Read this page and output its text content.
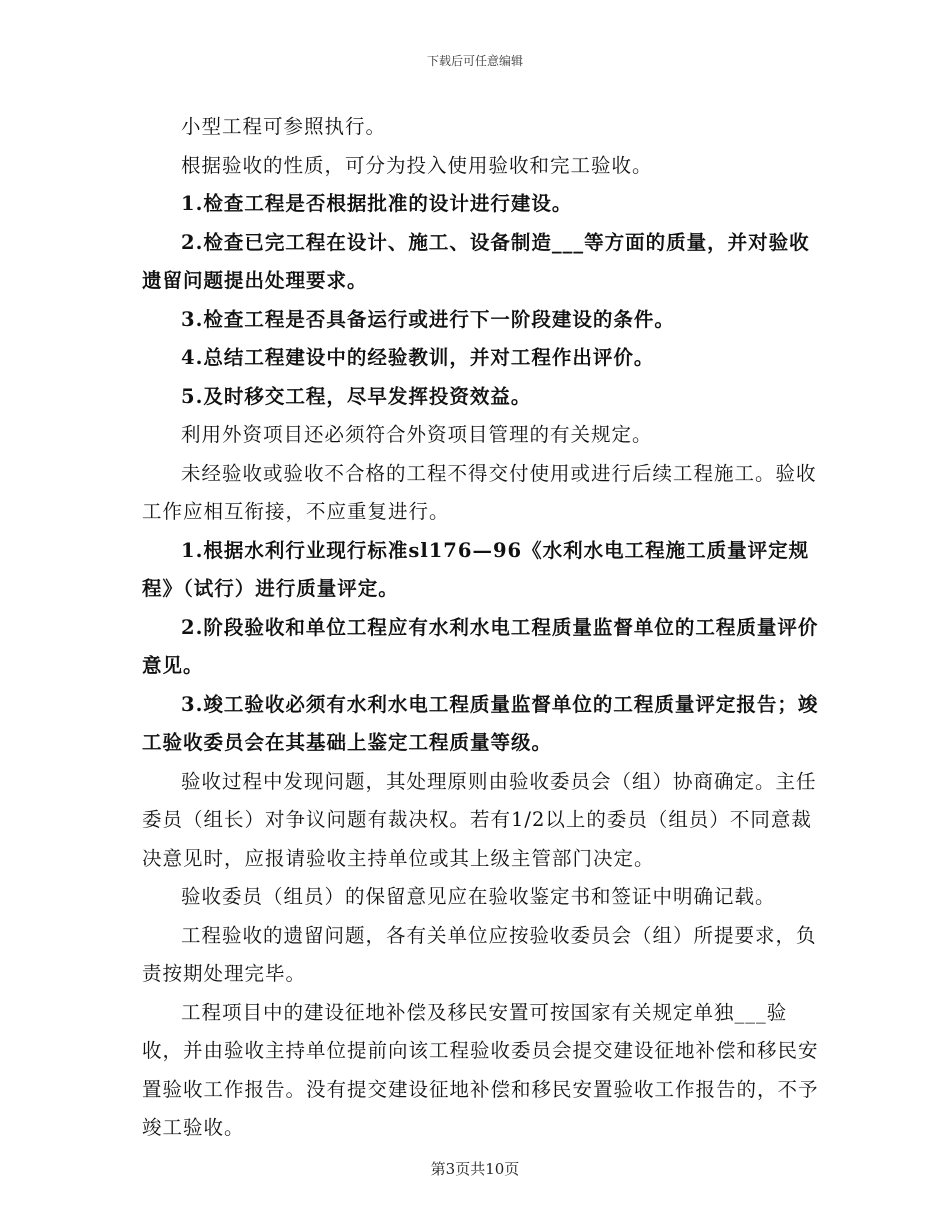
下载后可任意编辑

小型工程可参照执行。

根据验收的性质，可分为投入使用验收和完工验收。

1.检查工程是否根据批准的设计进行建设。

2.检查已完工程在设计、施工、设备制造___等方面的质量，并对验收遗留问题提出处理要求。

3.检查工程是否具备运行或进行下一阶段建设的条件。

4.总结工程建设中的经验教训，并对工程作出评价。

5.及时移交工程，尽早发挥投资效益。

利用外资项目还必须符合外资项目管理的有关规定。

未经验收或验收不合格的工程不得交付使用或进行后续工程施工。验收工作应相互衔接，不应重复进行。

1.根据水利行业现行标准sl176—96《水利水电工程施工质量评定规程》（试行）进行质量评定。

2.阶段验收和单位工程应有水利水电工程质量监督单位的工程质量评价意见。

3.竣工验收必须有水利水电工程质量监督单位的工程质量评定报告；竣工验收委员会在其基础上鉴定工程质量等级。

验收过程中发现问题，其处理原则由验收委员会（组）协商确定。主任委员（组长）对争议问题有裁决权。若有1/2以上的委员（组员）不同意裁决意见时，应报请验收主持单位或其上级主管部门决定。

验收委员（组员）的保留意见应在验收鉴定书和签证中明确记载。

工程验收的遗留问题，各有关单位应按验收委员会（组）所提要求，负责按期处理完毕。

工程项目中的建设征地补偿及移民安置可按国家有关规定单独___验收，并由验收主持单位提前向该工程验收委员会提交建设征地补偿和移民安置验收工作报告。没有提交建设征地补偿和移民安置验收工作报告的，不予竣工验收。

第3页共10页
